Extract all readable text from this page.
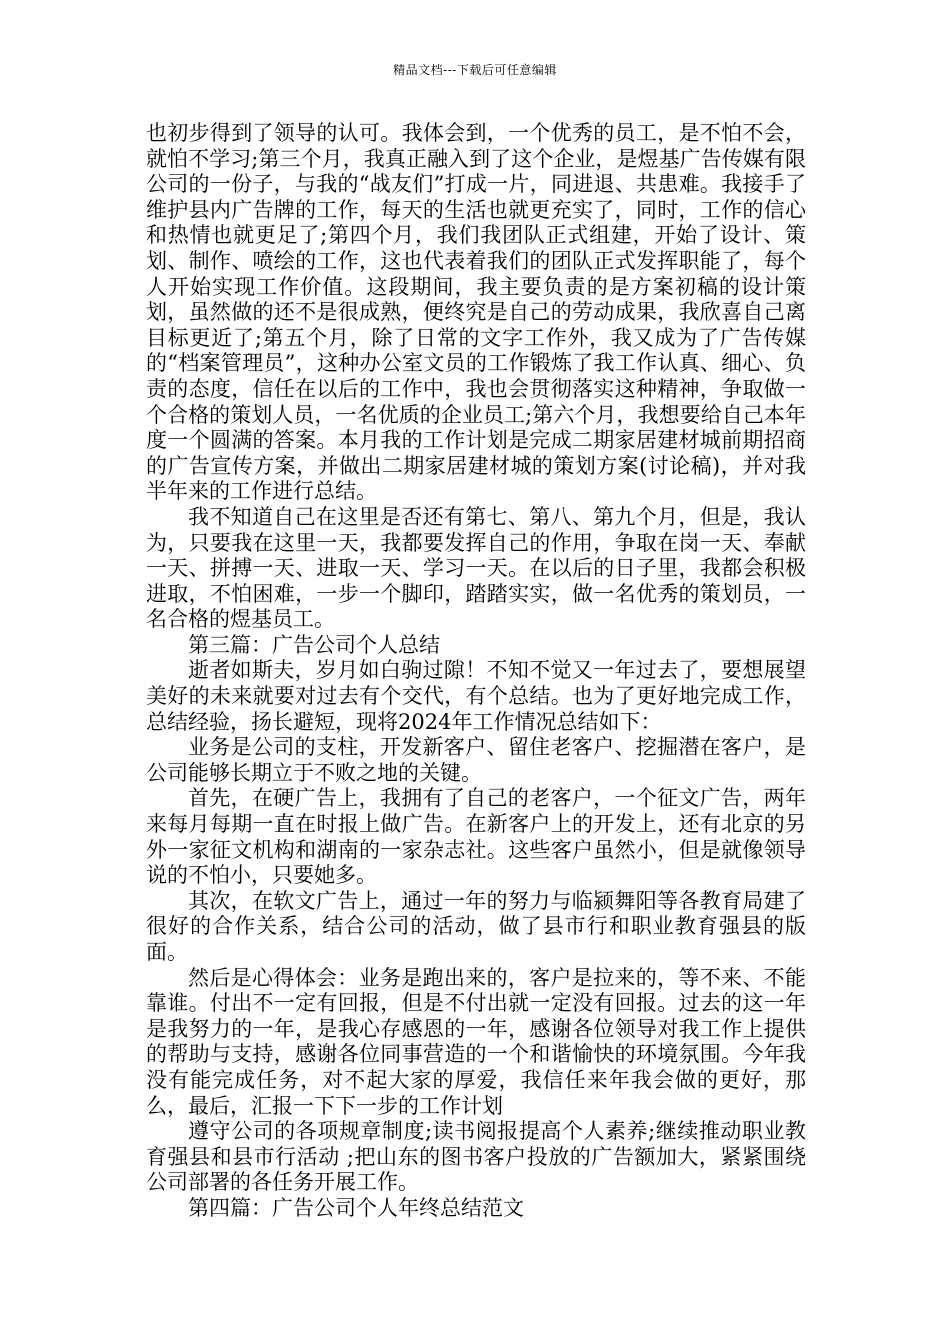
精品文档---下载后可任意编辑

也初步得到了领导的认可。我体会到，一个优秀的员工，是不怕不会，就怕不学习;第三个月，我真正融入到了这个企业，是煜基广告传媒有限公司的一份子，与我的“战友们”打成一片，同进退、共患难。我接手了维护县内广告牌的工作，每天的生活也就更充实了，同时，工作的信心和热情也就更足了;第四个月，我们我团队正式组建，开始了设计、策划、制作、喷绘的工作，这也代表着我们的团队正式发挥职能了，每个人开始实现工作价值。这段期间，我主要负责的是方案初稿的设计策划，虽然做的还不是很成熟，便终究是自己的劳动成果，我欣喜自己离目标更近了;第五个月，除了日常的文字工作外，我又成为了广告传媒的“档案管理员”，这种办公室文员的工作锻炼了我工作认真、细心、负责的态度，信任在以后的工作中，我也会贯彻落实这种精神，争取做一个合格的策划人员，一名优质的企业员工;第六个月，我想要给自己本年度一个圆满的答案。本月我的工作计划是完成二期家居建材城前期招商的广告宣传方案，并做出二期家居建材城的策划方案(讨论稿)，并对我半年来的工作进行总结。

我不知道自己在这里是否还有第七、第八、第九个月，但是，我认为，只要我在这里一天，我都要发挥自己的作用，争取在岗一天、奉献一天、拼搏一天、进取一天、学习一天。在以后的日子里，我都会积极进取，不怕困难，一步一个脚印，踏踏实实，做一名优秀的策划员，一名合格的煜基员工。

第三篇：广告公司个人总结

逝者如斯夫，岁月如白驹过隙！不知不觉又一年过去了，要想展望美好的未来就要对过去有个交代，有个总结。也为了更好地完成工作，总结经验，扬长避短，现将2024年工作情况总结如下：

业务是公司的支柱，开发新客户、留住老客户、挖掘潜在客户，是公司能够长期立于不败之地的关键。

首先，在硬广告上，我拥有了自己的老客户，一个征文广告，两年来每月每期一直在时报上做广告。在新客户上的开发上，还有北京的另外一家征文机构和湖南的一家杂志社。这些客户虽然小，但是就像领导说的不怕小，只要她多。

其次，在软文广告上，通过一年的努力与临颍舞阳等各教育局建了很好的合作关系，结合公司的活动，做了县市行和职业教育强县的版面。

然后是心得体会：业务是跑出来的，客户是拉来的，等不来、不能靠谁。付出不一定有回报，但是不付出就一定没有回报。过去的这一年是我努力的一年，是我心存感恩的一年，感谢各位领导对我工作上提供的帮助与支持，感谢各位同事营造的一个和谐愉快的环境氛围。今年我没有能完成任务，对不起大家的厚爱，我信任来年我会做的更好，那么，最后，汇报一下下一步的工作计划

遵守公司的各项规章制度;读书阅报提高个人素养;继续推动职业教育强县和县市行活动 ;把山东的图书客户投放的广告额加大，紧紧围绕公司部署的各任务开展工作。

第四篇：广告公司个人年终总结范文
